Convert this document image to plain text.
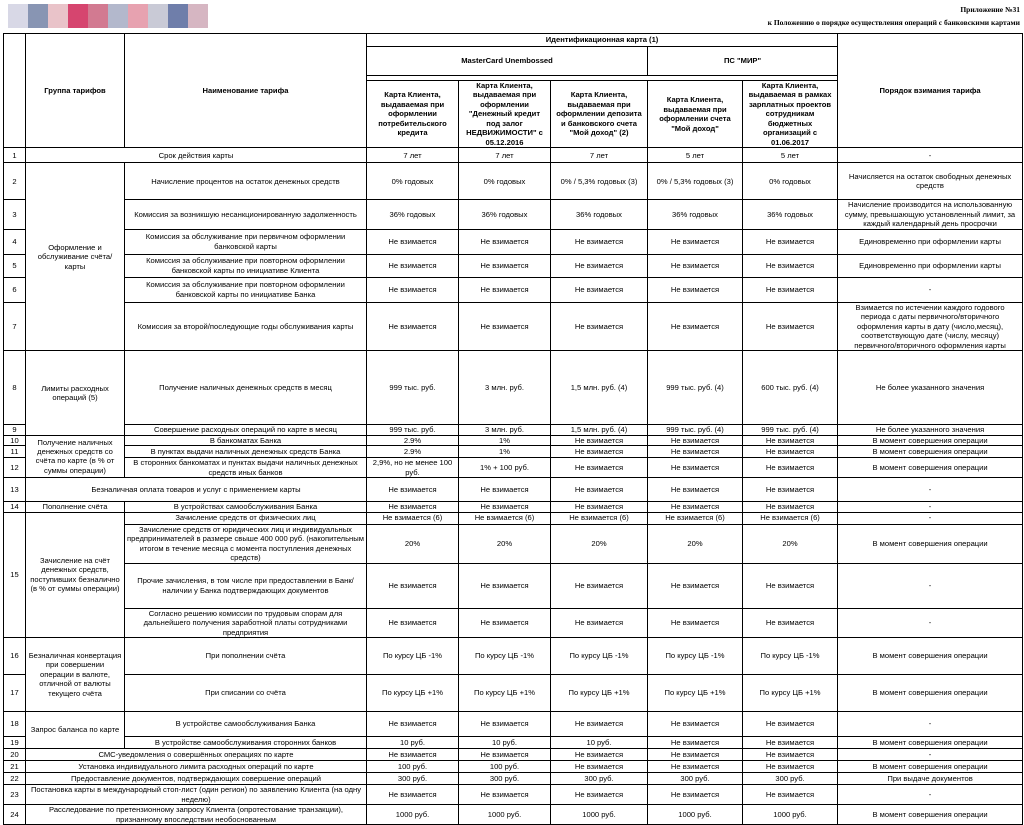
Приложение №31
к Положению о порядке осуществления операций с банковскими картами
	Группа тарифов	Наименование тарифа	Идентификационная карта (1)					Порядок взимания тарифа
			MasterCard Unembossed			ПС "МИР"		

			Карта Клиента, выдаваемая при оформлении потребительского кредита	Карта Клиента, выдаваемая при оформлении "Денежный кредит под залог НЕДВИЖИМОСТИ" с 05.12.2016	Карта Клиента, выдаваемая при оформлении депозита и банковского счета "Мой доход" (2)	Карта Клиента, выдаваемая при оформлении счета "Мой доход"	Карта Клиента, выдаваемая в рамках зарплатных проектов сотрудникам бюджетных организаций с 01.06.2017	
1	Срок действия карты		7 лет	7 лет	7 лет	5 лет	5 лет	-
2	Оформление и обслуживание счёта/карты	Начисление процентов на остаток денежных средств	0% годовых	0% годовых	0% / 5,3% годовых (3)	0% / 5,3% годовых (3)	0% годовых	Начисляется на остаток свободных денежных средств
3		Комиссия за возникшую несанкционированную задолженность	36% годовых	36% годовых	36% годовых	36% годовых	36% годовых	Начисление производится на использованную сумму, превышающую установленный лимит, за каждый календарный день просрочки
4		Комиссия за обслуживание при первичном оформлении банковской карты	Не взимается	Не взимается	Не взимается	Не взимается	Не взимается	Единовременно при оформлении карты
5		Комиссия за обслуживание при повторном оформлении банковской карты по инициативе Клиента	Не взимается	Не взимается	Не взимается	Не взимается	Не взимается	Единовременно при оформлении карты
6		Комиссия за обслуживание при повторном оформлении банковской карты по инициативе Банка	Не взимается	Не взимается	Не взимается	Не взимается	Не взимается	-
7		Комиссия за второй/последующие годы обслуживания карты	Не взимается	Не взимается	Не взимается	Не взимается	Не взимается	Взимается по истечении каждого годового периода с даты первичного/вторичного оформления карты в дату (число,месяц), соответствующую дате (числу, месяцу) первичного/вторичного оформления карты
8	Лимиты расходных операций (5)	Получение наличных денежных средств в месяц	999 тыс. руб.	3 млн. руб.	1,5 млн. руб. (4)	999 тыс. руб. (4)	600 тыс. руб. (4)	Не более указанного значения
9		Совершение расходных операций по карте в месяц	999 тыс. руб.	3 млн. руб.	1,5 млн. руб. (4)	999 тыс. руб. (4)	999 тыс. руб. (4)	Не более указанного значения
10	Получение наличных денежных средств со счёта по карте (в % от суммы операции)	В банкоматах Банка	2.9%	1%	Не взимается	Не взимается	Не взимается	В момент совершения операции
11		В пунктах выдачи наличных денежных средств Банка	2.9%	1%	Не взимается	Не взимается	Не взимается	В момент совершения операции
12		В сторонних банкоматах и пунктах выдачи наличных денежных средств иных банков	2,9%, но не менее 100 руб.	1% + 100 руб.	Не взимается	Не взимается	Не взимается	В момент совершения операции
13	Безналичная оплата товаров и услуг с применением карты		Не взимается	Не взимается	Не взимается	Не взимается	Не взимается	-
14	Пополнение счёта	В устройствах самообслуживания Банка	Не взимается	Не взимается	Не взимается	Не взимается	Не взимается	-
15	Зачисление на счёт денежных средств, поступивших безналично (в % от суммы операции)	Зачисление средств от физических лиц	Не взимается (6)	Не взимается (6)	Не взимается (6)	Не взимается (6)	Не взимается (6)	-
		Зачисление средств от юридических лиц и индивидуальных предпринимателей в размере свыше 400 000 руб. (накопительным итогом в течение месяца с момента поступления денежных средств)	20%	20%	20%	20%	20%	В момент совершения операции
		Прочие зачисления, в том числе при предоставлении в Банк/ наличии у Банка подтверждающих документов	Не взимается	Не взимается	Не взимается	Не взимается	Не взимается	-
		Согласно решению комиссии по трудовым спорам для дальнейшего получения заработной платы сотрудниками предприятия	Не взимается	Не взимается	Не взимается	Не взимается	Не взимается	-
16	Безналичная конвертация при совершении операции в валюте, отличной от валюты текущего счёта	При пополнении счёта	По курсу ЦБ -1%	По курсу ЦБ -1%	По курсу ЦБ -1%	По курсу ЦБ -1%	По курсу ЦБ -1%	В момент совершения операции
17		При списании со счёта	По курсу ЦБ +1%	По курсу ЦБ +1%	По курсу ЦБ +1%	По курсу ЦБ +1%	По курсу ЦБ +1%	В момент совершения операции
18	Запрос баланса по карте	В устройстве самообслуживания Банка	Не взимается	Не взимается	Не взимается	Не взимается	Не взимается	-
19		В устройстве самообслуживания сторонних банков	10 руб.	10 руб.	10 руб.	Не взимается	Не взимается	В момент совершения операции
20	СМС-уведомления о совершённых операциях по карте		Не взимается	Не взимается	Не взимается	Не взимается	Не взимается	-
21	Установка индивидуального лимита расходных операций по карте		100 руб.	100 руб.	Не взимается	Не взимается	Не взимается	В момент совершения операции
22	Предоставление документов, подтверждающих совершение операций		300 руб.	300 руб.	300 руб.	300 руб.	300 руб.	При выдаче документов
23	Постановка карты в международный стоп-лист (один регион) по заявлению Клиента (на одну неделю)		Не взимается	Не взимается	Не взимается	Не взимается	Не взимается	-
24	Расследование по претензионному запросу Клиента (опротестование транзакции), признанному впоследствии необоснованным		1000 руб.	1000 руб.	1000 руб.	1000 руб.	1000 руб.	В момент совершения операции
